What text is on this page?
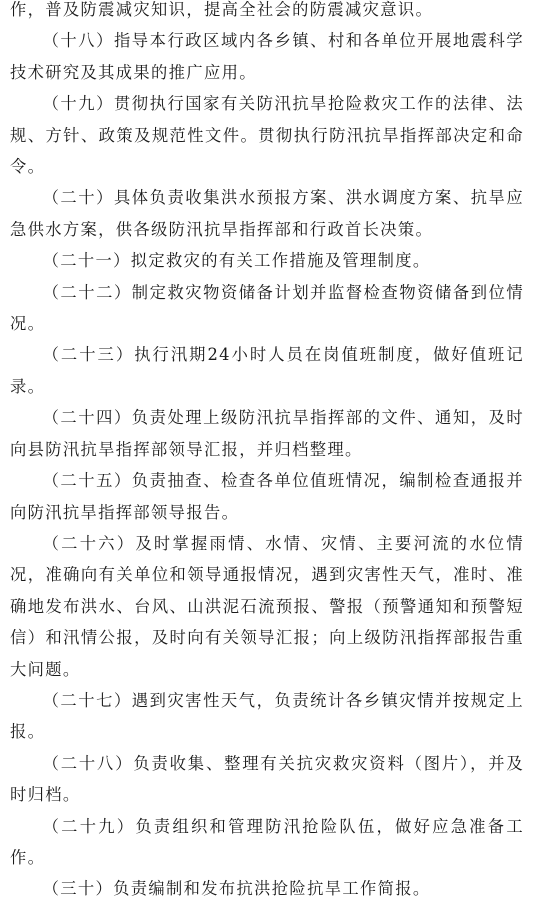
作，普及防震减灾知识，提高全社会的防震减灾意识。

（十八）指导本行政区域内各乡镇、村和各单位开展地震科学技术研究及其成果的推广应用。

（十九）贯彻执行国家有关防汛抗旱抢险救灾工作的法律、法规、方针、政策及规范性文件。贯彻执行防汛抗旱指挥部决定和命令。

（二十）具体负责收集洪水预报方案、洪水调度方案、抗旱应急供水方案，供各级防汛抗旱指挥部和行政首长决策。

（二十一）拟定救灾的有关工作措施及管理制度。

（二十二）制定救灾物资储备计划并监督检查物资储备到位情况。

（二十三）执行汛期24小时人员在岗值班制度，做好值班记录。

（二十四）负责处理上级防汛抗旱指挥部的文件、通知，及时向县防汛抗旱指挥部领导汇报，并归档整理。

（二十五）负责抽查、检查各单位值班情况，编制检查通报并向防汛抗旱指挥部领导报告。

（二十六）及时掌握雨情、水情、灾情、主要河流的水位情况，准确向有关单位和领导通报情况，遇到灾害性天气，准时、准确地发布洪水、台风、山洪泥石流预报、警报（预警通知和预警短信）和汛情公报，及时向有关领导汇报；向上级防汛指挥部报告重大问题。

（二十七）遇到灾害性天气，负责统计各乡镇灾情并按规定上报。

（二十八）负责收集、整理有关抗灾救灾资料（图片），并及时归档。

（二十九）负责组织和管理防汛抢险队伍，做好应急准备工作。

（三十）负责编制和发布抗洪抢险抗旱工作简报。
